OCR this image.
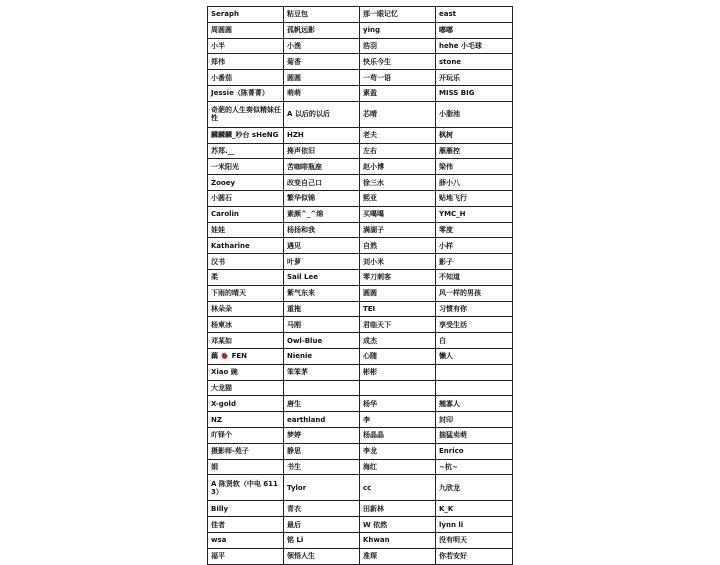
Seraph	粘豆包	那一眼记忆	east
周圆圆	孤帆远影	ying	嘟嘟
小半	小渔	浩羽	hehe 小毛球
郑伟	菊香	快乐今生	stone
小番茄	圆圆	一苟一语	开玩乐
Jessie（陈菁菁）	萌萌	素盈	MISS BIG
奇葩的人生奏似精妹任性	A 以后的以后	芯晴	小脂池
麟麟麟_吵台 sHeNG	HZH	老夫	枫树
苏郑.__	搀声依旧	左右	雁雁控
一米阳光	苦咖啡瓶座	赵小博	梁伟
Zooey	改变自己口	徐三水	薛小八
小圆石	繁华似锦	熙亚	贴地飞行
Carolin	素颜^_^绵	买噶噶	YMC_H
娃娃	杨扬和我	满湖子	零度
Katharine	遇见	自然	小样
汉书	叶萝	刘小米	影子
柔	Sail Lee	零刀刺客	不知道
下雨的晴天	紫气东来	圆圆	风一样的男孩
林朵朵	重拖	TEI	习惯有你
杨柬冰	马刚	君临天下	享受生活
邓某如	Owl-Blue	成杰	白
藕 🐞 FEN	Nienie	心随	懒人
Xiao 豌	笨笨茅	彬彬	
大龙猫			
X-gold	唐生	杨华	翘寡人
NZ	earthland	李	封印
吖铎个	梦婷	杨晶晶	揣猛卖萌
摄影师-苑子	静思	李龙	Enrico
娟	书生	海红	~杭~
A 陈贤软（中电 6113）	Tylor	cc	九欣龙
Billy	青衣	田新林	K_K
佳者	最后	W 依然	lynn li
wsa	铭 Li	Khwan	没有明天
福平	领悟人生	准琛	你若安好
